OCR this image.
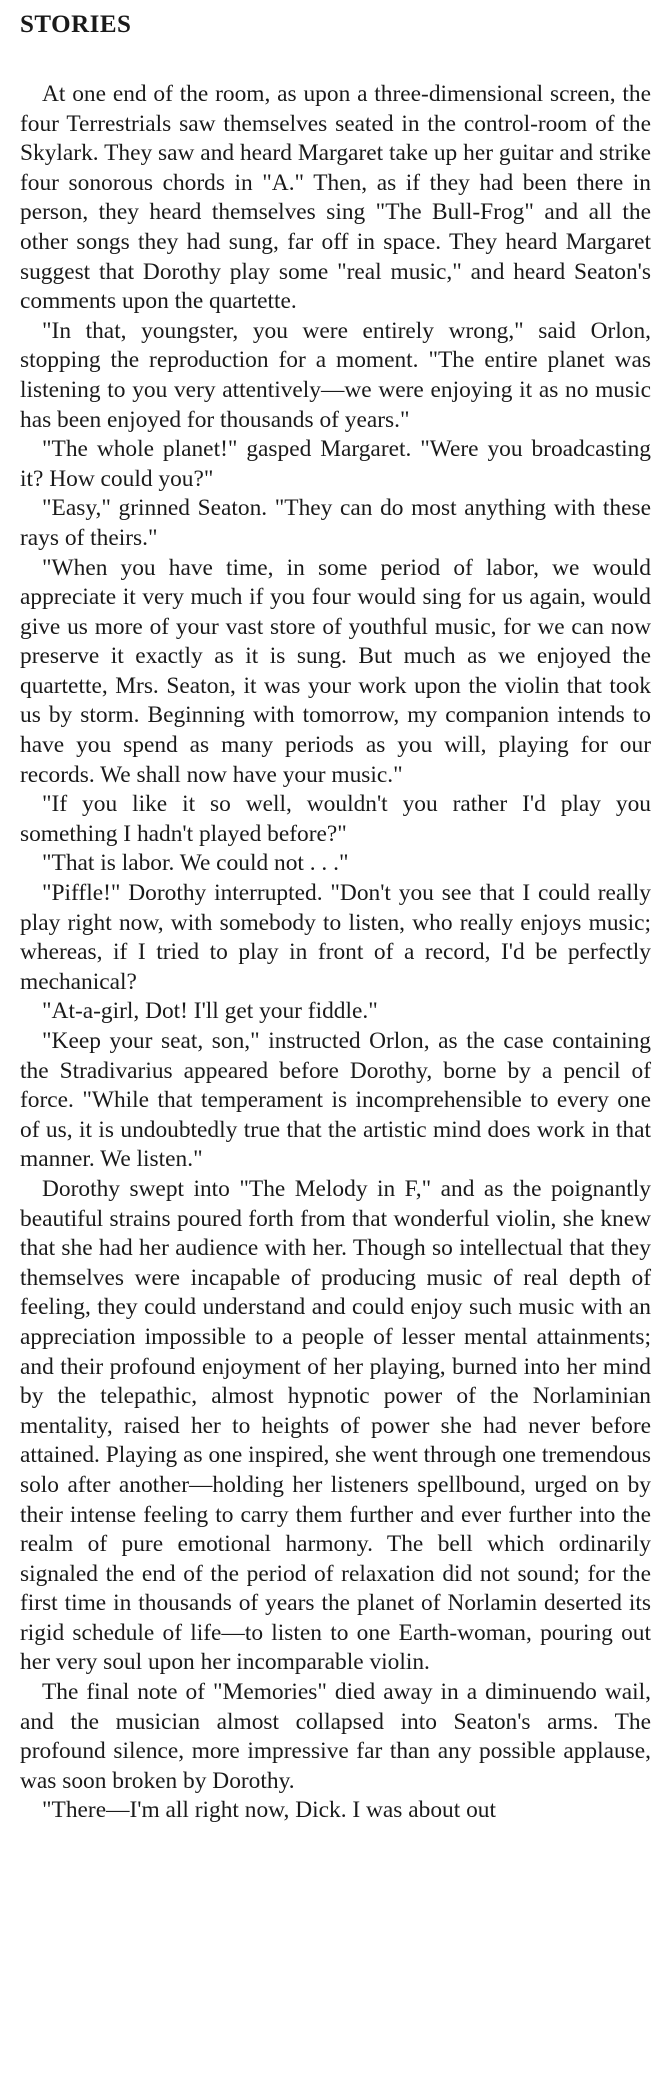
STORIES

At one end of the room, as upon a three-dimensional screen, the four Terrestrials saw themselves seated in the control-room of the Skylark. They saw and heard Margaret take up her guitar and strike four sonorous chords in "A." Then, as if they had been there in person, they heard themselves sing "The Bull-Frog" and all the other songs they had sung, far off in space. They heard Margaret suggest that Dorothy play some "real music," and heard Seaton's comments upon the quartette.

"In that, youngster, you were entirely wrong," said Orlon, stopping the reproduction for a moment. "The entire planet was listening to you very attentively—we were enjoying it as no music has been enjoyed for thousands of years."

"The whole planet!" gasped Margaret. "Were you broadcasting it? How could you?"

"Easy," grinned Seaton. "They can do most anything with these rays of theirs."

"When you have time, in some period of labor, we would appreciate it very much if you four would sing for us again, would give us more of your vast store of youthful music, for we can now preserve it exactly as it is sung. But much as we enjoyed the quartette, Mrs. Seaton, it was your work upon the violin that took us by storm. Beginning with tomorrow, my companion intends to have you spend as many periods as you will, playing for our records. We shall now have your music."

"If you like it so well, wouldn't you rather I'd play you something I hadn't played before?"

"That is labor. We could not . . ."

"Piffle!" Dorothy interrupted. "Don't you see that I could really play right now, with somebody to listen, who really enjoys music; whereas, if I tried to play in front of a record, I'd be perfectly mechanical?

"At-a-girl, Dot! I'll get your fiddle."

"Keep your seat, son," instructed Orlon, as the case containing the Stradivarius appeared before Dorothy, borne by a pencil of force. "While that temperament is incomprehensible to every one of us, it is undoubtedly true that the artistic mind does work in that manner. We listen."

Dorothy swept into "The Melody in F," and as the poignantly beautiful strains poured forth from that wonderful violin, she knew that she had her audience with her. Though so intellectual that they themselves were incapable of producing music of real depth of feeling, they could understand and could enjoy such music with an appreciation impossible to a people of lesser mental attainments; and their profound enjoyment of her playing, burned into her mind by the telepathic, almost hypnotic power of the Norlaminian mentality, raised her to heights of power she had never before attained. Playing as one inspired, she went through one tremendous solo after another—holding her listeners spellbound, urged on by their intense feeling to carry them further and ever further into the realm of pure emotional harmony. The bell which ordinarily signaled the end of the period of relaxation did not sound; for the first time in thousands of years the planet of Norlamin deserted its rigid schedule of life—to listen to one Earth-woman, pouring out her very soul upon her incomparable violin.

The final note of "Memories" died away in a diminuendo wail, and the musician almost collapsed into Seaton's arms. The profound silence, more impressive far than any possible applause, was soon broken by Dorothy.

"There—I'm all right now, Dick. I was about out
